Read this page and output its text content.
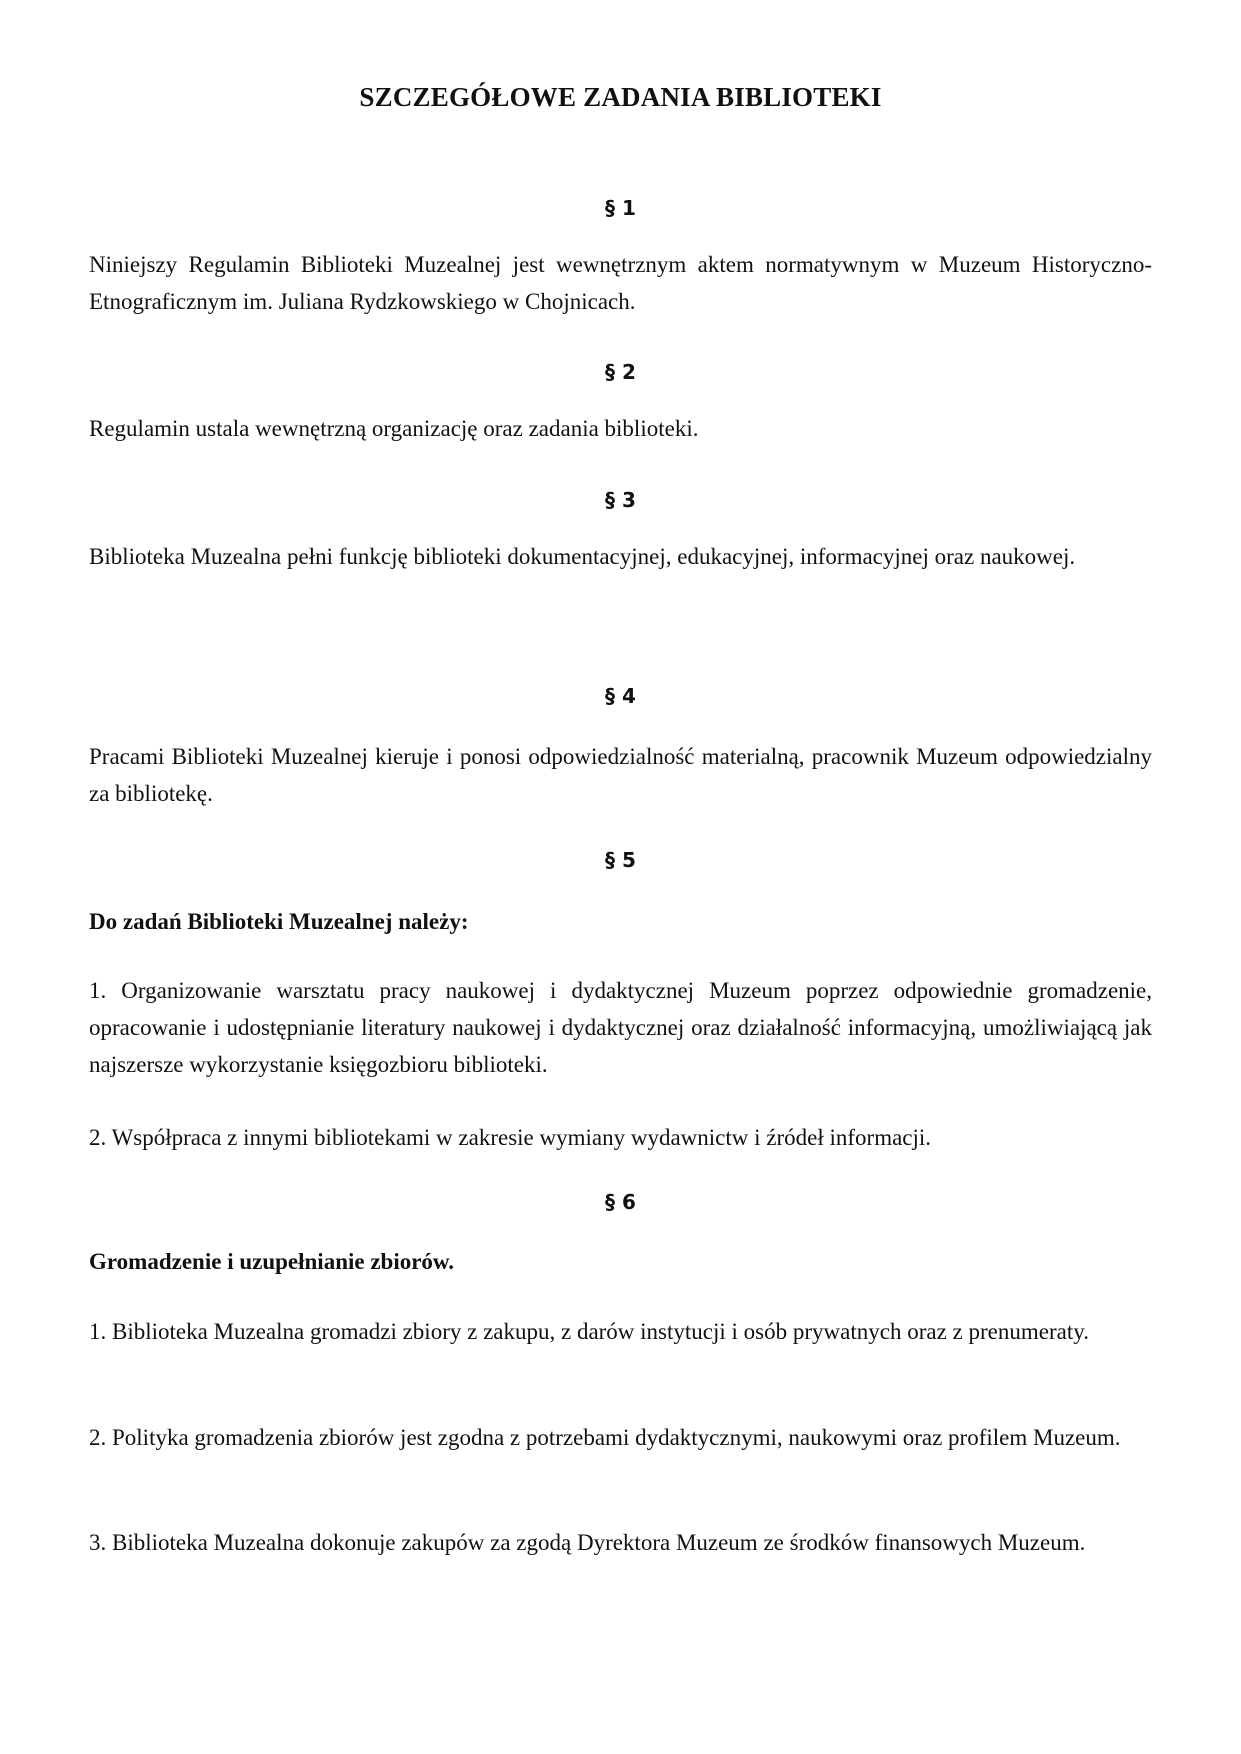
SZCZEGÓŁOWE ZADANIA BIBLIOTEKI
§ 1

Niniejszy Regulamin Biblioteki Muzealnej jest wewnętrznym aktem normatywnym w Muzeum Historyczno-Etnograficznym im. Juliana Rydzkowskiego w Chojnicach.

§ 2

Regulamin ustala wewnętrzną organizację oraz zadania biblioteki.

§ 3

Biblioteka Muzealna pełni funkcję biblioteki dokumentacyjnej, edukacyjnej, informacyjnej oraz naukowej.

§ 4

Pracami Biblioteki Muzealnej kieruje i ponosi odpowiedzialność materialną, pracownik Muzeum odpowiedzialny za bibliotekę.

§ 5

Do zadań Biblioteki Muzealnej należy:

1. Organizowanie warsztatu pracy naukowej i dydaktycznej Muzeum poprzez odpowiednie gromadzenie, opracowanie i udostępnianie literatury naukowej i dydaktycznej oraz działalność informacyjną, umożliwiającą jak najszersze wykorzystanie księgozbioru biblioteki.

2. Współpraca z innymi bibliotekami w zakresie wymiany wydawnictw i źródeł informacji.

§ 6

Gromadzenie i uzupełnianie zbiorów.

1. Biblioteka Muzealna gromadzi zbiory z zakupu, z darów instytucji i osób prywatnych oraz z prenumeraty.

2. Polityka gromadzenia zbiorów jest zgodna z potrzebami dydaktycznymi, naukowymi oraz profilem Muzeum.

3. Biblioteka Muzealna dokonuje zakupów za zgodą Dyrektora Muzeum ze środków finansowych Muzeum.
